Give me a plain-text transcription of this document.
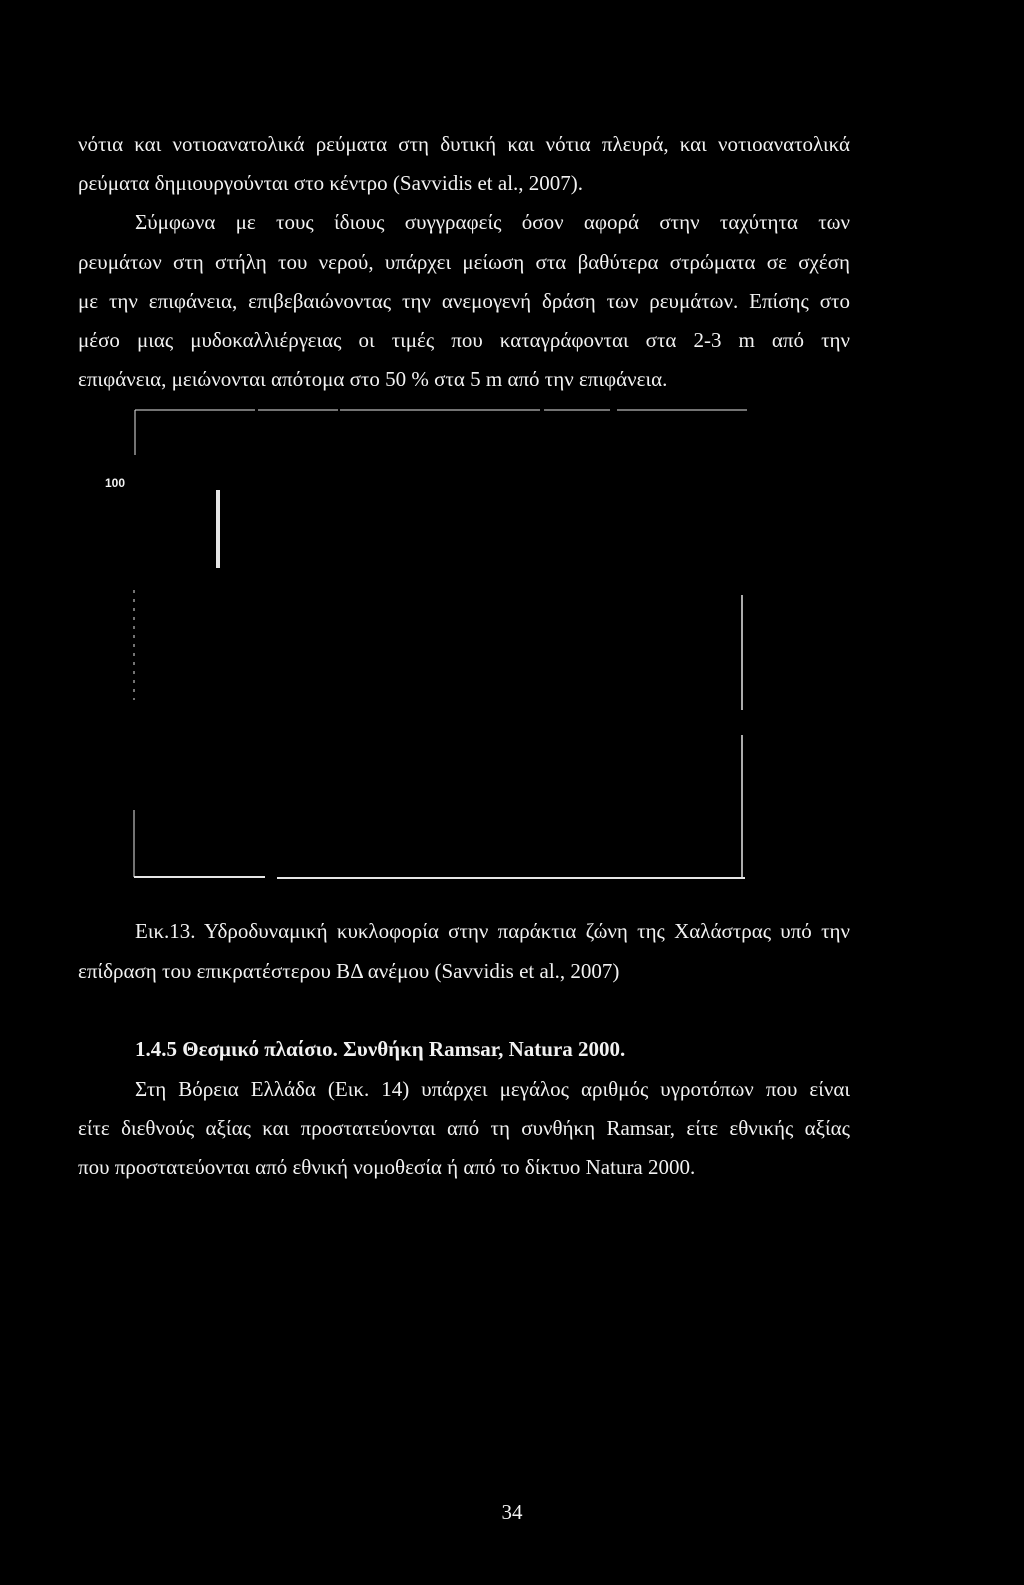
νότια και νοτιοανατολικά ρεύματα στη δυτική και νότια πλευρά, και νοτιοανατολικά
ρεύματα δημιουργούνται στο κέντρο (Savvidis et al., 2007).
Σύμφωνα με τους ίδιους συγγραφείς όσον αφορά στην ταχύτητα των
ρευμάτων στη στήλη του νερού, υπάρχει μείωση στα βαθύτερα στρώματα σε σχέση
με την επιφάνεια, επιβεβαιώνοντας την ανεμογενή δράση των ρευμάτων. Επίσης στο
μέσο μιας μυδοκαλλιέργειας οι τιμές που καταγράφονται στα 2-3 m από την
επιφάνεια, μειώνονται απότομα στο 50 % στα 5 m από την επιφάνεια.
100
Εικ.13. Υδροδυναμική κυκλοφορία στην παράκτια ζώνη της Χαλάστρας υπό την
επίδραση του επικρατέστερου ΒΔ ανέμου (Savvidis et al., 2007)
1.4.5 Θεσμικό πλαίσιο. Συνθήκη Ramsar, Natura 2000.
Στη Βόρεια Ελλάδα (Εικ. 14) υπάρχει μεγάλος αριθμός υγροτόπων που είναι
είτε διεθνούς αξίας και προστατεύονται από τη συνθήκη Ramsar, είτε εθνικής αξίας
που προστατεύονται από εθνική νομοθεσία ή από το δίκτυο Natura 2000.
34
